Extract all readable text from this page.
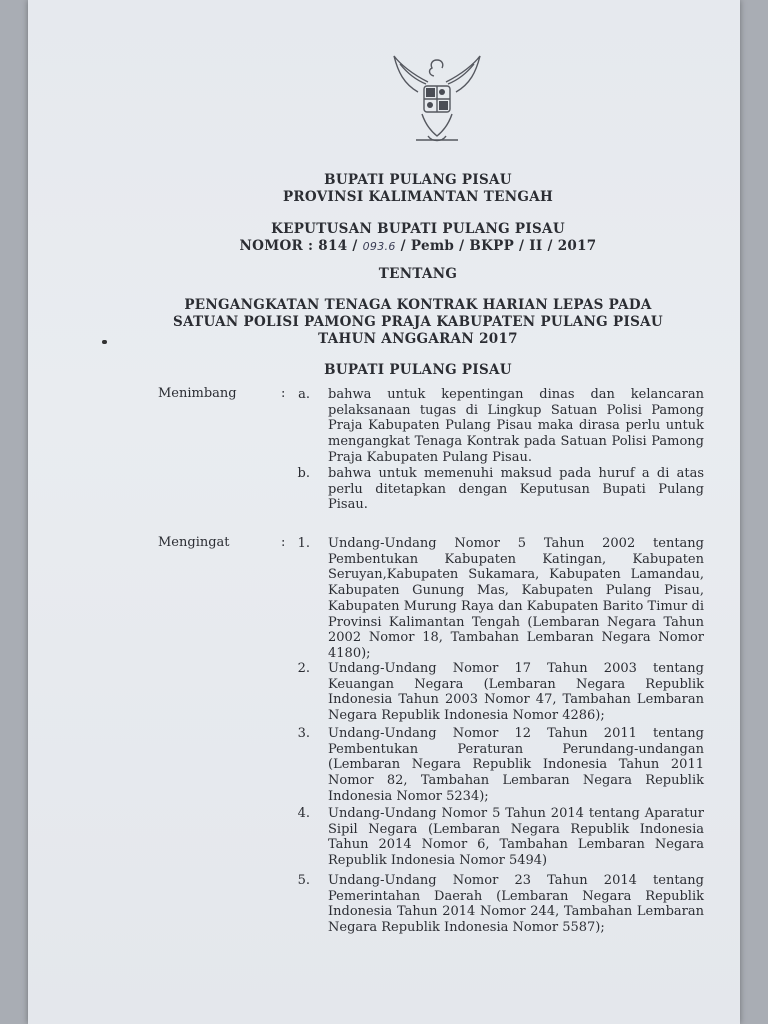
BUPATI PULANG PISAU
PROVINSI KALIMANTAN TENGAH
KEPUTUSAN BUPATI PULANG PISAU
NOMOR : 814 / 093.6 / Pemb / BKPP / II / 2017
TENTANG
PENGANGKATAN TENAGA KONTRAK HARIAN LEPAS PADA
SATUAN POLISI PAMONG PRAJA KABUPATEN PULANG PISAU
TAHUN ANGGARAN 2017
BUPATI PULANG PISAU
Menimbang	: a. bahwa untuk kepentingan dinas dan kelancaran pelaksanaan tugas di Lingkup Satuan Polisi Pamong Praja Kabupaten Pulang Pisau maka dirasa perlu untuk mengangkat Tenaga Kontrak pada Satuan Polisi Pamong Praja Kabupaten Pulang Pisau.
b. bahwa untuk memenuhi maksud pada huruf a di atas perlu ditetapkan dengan Keputusan Bupati Pulang Pisau.
Mengingat	: 1. Undang-Undang Nomor 5 Tahun 2002 tentang Pembentukan Kabupaten Katingan, Kabupaten Seruyan,Kabupaten Sukamara, Kabupaten Lamandau, Kabupaten Gunung Mas, Kabupaten Pulang Pisau, Kabupaten Murung Raya dan Kabupaten Barito Timur di Provinsi Kalimantan Tengah (Lembaran Negara Tahun 2002 Nomor 18, Tambahan Lembaran Negara Nomor 4180);
2. Undang-Undang Nomor 17 Tahun 2003 tentang Keuangan Negara (Lembaran Negara Republik Indonesia Tahun 2003 Nomor 47, Tambahan Lembaran Negara Republik Indonesia Nomor 4286);
3. Undang-Undang Nomor 12 Tahun 2011 tentang Pembentukan Peraturan Perundang-undangan (Lembaran Negara Republik Indonesia Tahun 2011 Nomor 82, Tambahan Lembaran Negara Republik Indonesia Nomor 5234);
4. Undang-Undang Nomor 5 Tahun 2014 tentang Aparatur Sipil Negara (Lembaran Negara Republik Indonesia Tahun 2014 Nomor 6, Tambahan Lembaran Negara Republik Indonesia Nomor 5494)
5. Undang-Undang Nomor 23 Tahun 2014 tentang Pemerintahan Daerah (Lembaran Negara Republik Indonesia Tahun 2014 Nomor 244, Tambahan Lembaran Negara Republik Indonesia Nomor 5587);
